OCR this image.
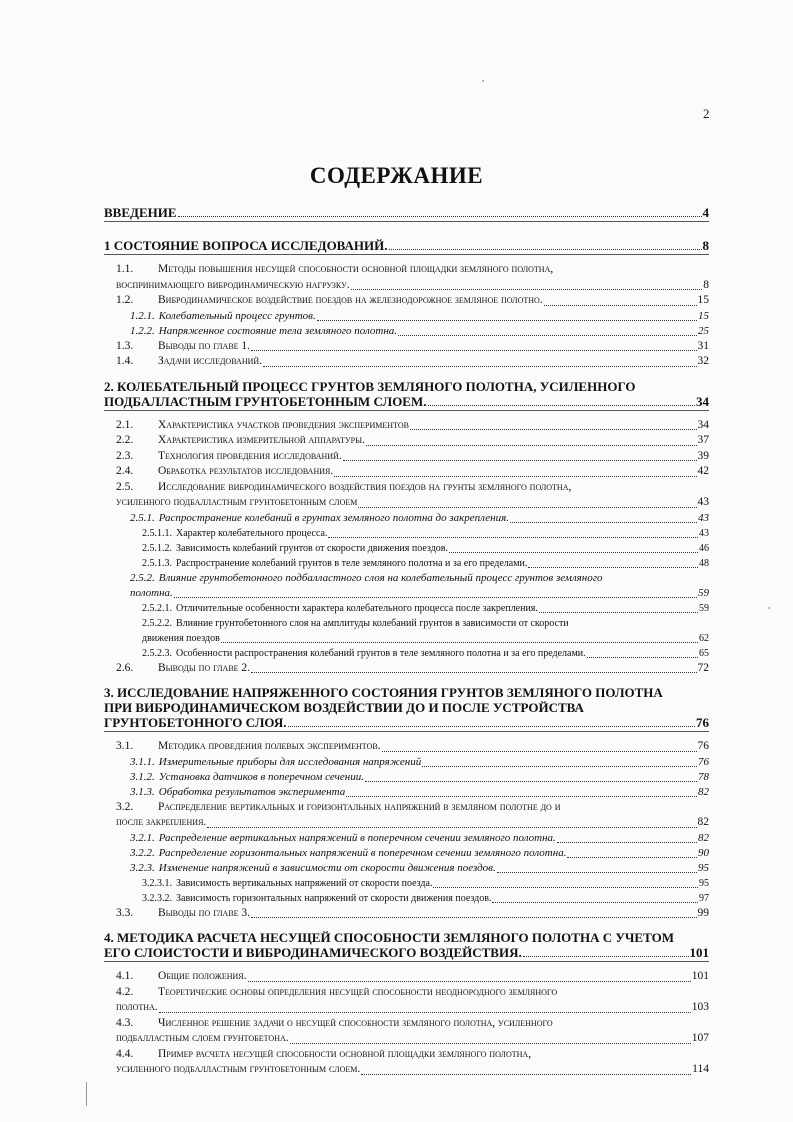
2
СОДЕРЖАНИЕ
ВВЕДЕНИЕ	4
1 СОСТОЯНИЕ ВОПРОСА ИССЛЕДОВАНИЙ.	8
1.1. Методы повышения несущей способности основной площадки земляного полотна,
воспринимающего вибродинамическую нагрузку.	8
1.2. Вибродинамическое воздействие поездов на железнодорожное земляное полотно.	15
1.2.1. Колебательный процесс грунтов.	15
1.2.2. Напряженное состояние тела земляного полотна.	25
1.3. Выводы по главе 1.	31
1.4. Задачи исследований.	32
2. КОЛЕБАТЕЛЬНЫЙ ПРОЦЕСС ГРУНТОВ ЗЕМЛЯНОГО ПОЛОТНА, УСИЛЕННОГО
ПОДБАЛЛАСТНЫМ ГРУНТОБЕТОННЫМ СЛОЕМ.	34
2.1. Характеристика участков проведения экспериментов	34
2.2. Характеристика измерительной аппаратуры.	37
2.3. Технология проведения исследований.	39
2.4. Обработка результатов исследования.	42
2.5. Исследование вибродинамического воздействия поездов на грунты земляного полотна,
усиленного подбалластным грунтобетонным слоем	43
2.5.1. Распространение колебаний в грунтах земляного полотна до закрепления.	43
2.5.1.1. Характер колебательного процесса.	43
2.5.1.2. Зависимость колебаний грунтов от скорости движения поездов.	46
2.5.1.3. Распространение колебаний грунтов в теле земляного полотна и за его пределами.	48
2.5.2. Влияние грунтобетонного подбалластного слоя на колебательный процесс грунтов земляного
полотна.	59
2.5.2.1. Отличительные особенности характера колебательного процесса после закрепления.	59
2.5.2.2. Влияние грунтобетонного слоя на амплитуды колебаний грунтов в зависимости от скорости
движения поездов	62
2.5.2.3. Особенности распространения колебаний грунтов в теле земляного полотна и за его пределами.	65
2.6. Выводы по главе 2.	72
3. ИССЛЕДОВАНИЕ НАПРЯЖЕННОГО СОСТОЯНИЯ ГРУНТОВ ЗЕМЛЯНОГО ПОЛОТНА
ПРИ ВИБРОДИНАМИЧЕСКОМ ВОЗДЕЙСТВИИ ДО И ПОСЛЕ УСТРОЙСТВА
ГРУНТОБЕТОННОГО СЛОЯ.	76
3.1. Методика проведения полевых экспериментов.	76
3.1.1. Измерительные приборы для исследования напряжений	76
3.1.2. Установка датчиков в поперечном сечении.	78
3.1.3. Обработка результатов эксперимента	82
3.2. Распределение вертикальных и горизонтальных напряжений в земляном полотне до и
после закрепления.	82
3.2.1. Распределение вертикальных напряжений в поперечном сечении земляного полотна.	82
3.2.2. Распределение горизонтальных напряжений в поперечном сечении земляного полотна.	90
3.2.3. Изменение напряжений в зависимости от скорости движения поездов.	95
3.2.3.1. Зависимость вертикальных напряжений от скорости поезда.	95
3.2.3.2. Зависимость горизонтальных напряжений от скорости движения поездов.	97
3.3. Выводы по главе 3.	99
4. МЕТОДИКА РАСЧЕТА НЕСУЩЕЙ СПОСОБНОСТИ ЗЕМЛЯНОГО ПОЛОТНА С УЧЕТОМ
ЕГО СЛОИСТОСТИ И ВИБРОДИНАМИЧЕСКОГО ВОЗДЕЙСТВИЯ.	101
4.1. Общие положения.	101
4.2. Теоретические основы определения несущей способности неоднородного земляного
полотна.	103
4.3. Численное решение задачи о несущей способности земляного полотна, усиленного
подбалластным слоем грунтобетона.	107
4.4. Пример расчета несущей способности основной площадки земляного полотна,
усиленного подбалластным грунтобетонным слоем.	114
